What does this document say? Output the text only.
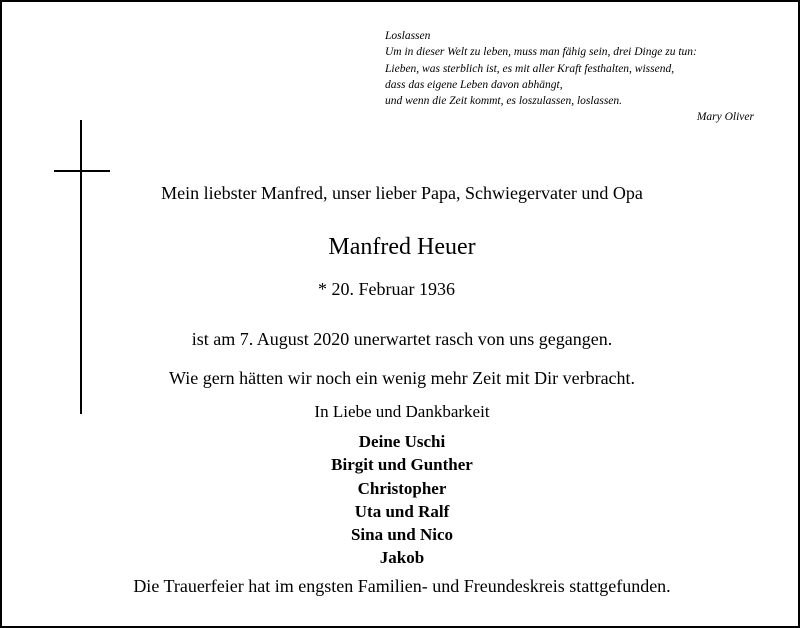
Loslassen
Um in dieser Welt zu leben, muss man fähig sein, drei Dinge zu tun:
Lieben, was sterblich ist, es mit aller Kraft festhalten, wissend,
dass das eigene Leben davon abhängt,
und wenn die Zeit kommt, es loszulassen, loslassen.
Mary Oliver
Mein liebster Manfred, unser lieber Papa, Schwiegervater und Opa
Manfred Heuer
* 20. Februar 1936
ist am 7. August 2020 unerwartet rasch von uns gegangen.
Wie gern hätten wir noch ein wenig mehr Zeit mit Dir verbracht.
In Liebe und Dankbarkeit
Deine Uschi
Birgit und Gunther
Christopher
Uta und Ralf
Sina und Nico
Jakob
Die Trauerfeier hat im engsten Familien- und Freundeskreis stattgefunden.
